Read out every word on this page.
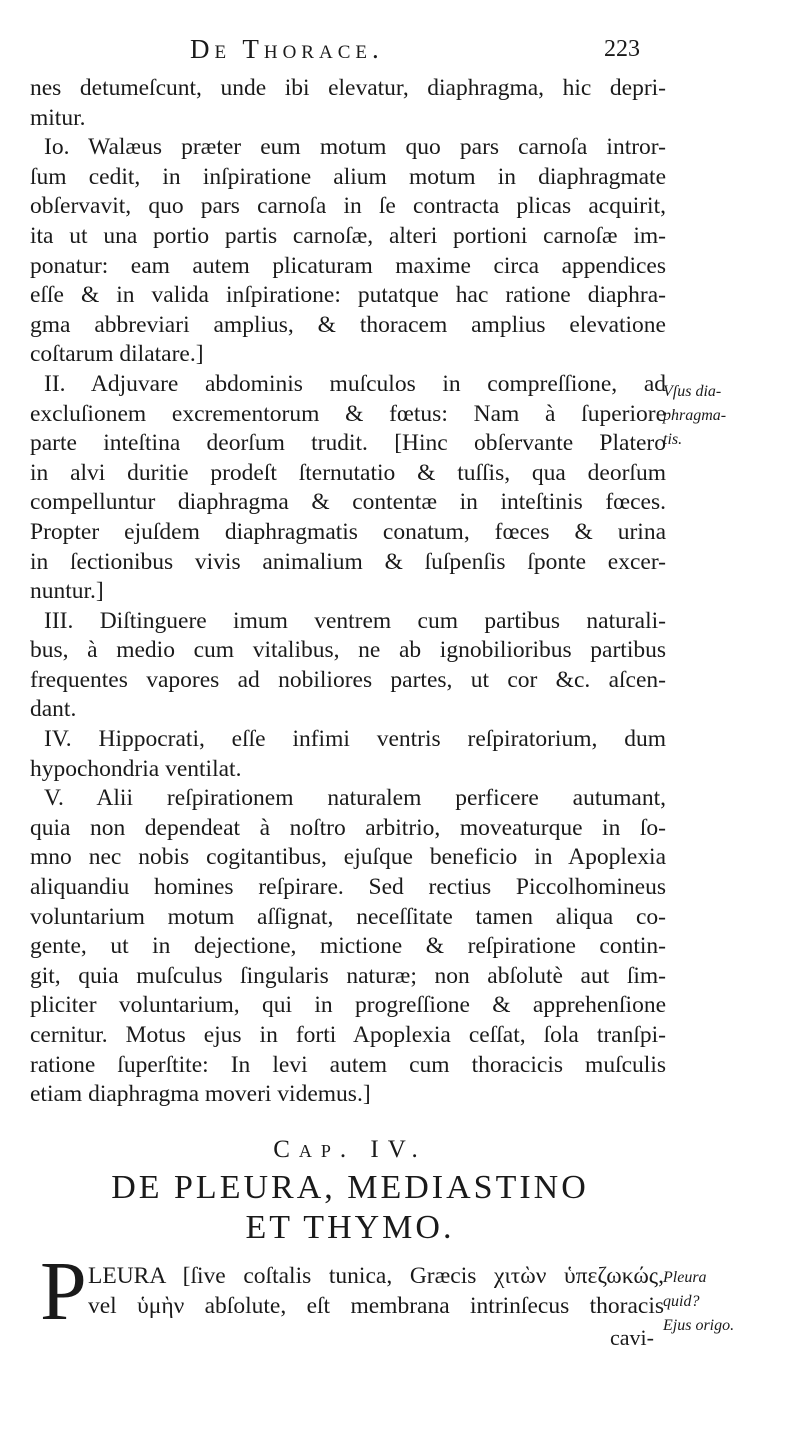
De Thorace.	223
nes detumeſcunt, unde ibi elevatur, diaphragma, hic depri-
mitur.
Io. Walæus præter eum motum quo pars carnoſa intror-
ſum cedit, in inſpiratione alium motum in diaphragmate
obſervavit, quo pars carnoſa in ſe contracta plicas acquirit,
ita ut una portio partis carnoſæ, alteri portioni carnoſæ im-
ponatur: eam autem plicaturam maxime circa appendices
eſſe & in valida inſpiratione: putatque hac ratione diaphra-
gma abbreviari amplius, & thoracem amplius elevatione
coſtarum dilatare.]
II. Adjuvare abdominis muſculos in compreſſione, ad
excluſionem excrementorum & fœtus: Nam à ſuperiore
parte inteſtina deorſum trudit. [Hinc obſervante Platero
in alvi duritie prodeſt ſternutatio & tuſſis, qua deorſum
compelluntur diaphragma & contentæ in inteſtinis fœces.
Propter ejuſdem diaphragmatis conatum, fœces & urina
in ſectionibus vivis animalium & ſuſpenſis ſponte excer-
nuntur.]
III. Diſtinguere imum ventrem cum partibus naturali-
bus, à medio cum vitalibus, ne ab ignobilioribus partibus
frequentes vapores ad nobiliores partes, ut cor &c. aſcen-
dant.
IV. Hippocrati, eſſe infimi ventris reſpiratorium, dum
hypochondria ventilat.
V. Alii reſpirationem naturalem perficere autumant,
quia non dependeat à noſtro arbitrio, moveaturque in ſo-
mno nec nobis cogitantibus, ejuſque beneficio in Apoplexia
aliquandiu homines reſpirare. Sed rectius Piccolhomineus
voluntarium motum aſſignat, neceſſitate tamen aliqua co-
gente, ut in dejectione, mictione & reſpiratione contin-
git, quia muſculus ſingularis naturæ; non abſolutè aut ſim-
pliciter voluntarium, qui in progreſſione & apprehenſione
cernitur. Motus ejus in forti Apoplexia ceſſat, ſola tranſpi-
ratione ſuperſtite: In levi autem cum thoracicis muſculis
etiam diaphragma moveri videmus.]
Vſus dia-
phragma-
tis.
Cap. IV.
DE PLEURA, MEDIASTINO
ET THYMO.
P LEURA [ſive coſtalis tunica, Græcis χιτὼν ὑπεζωκώς,
vel ὑμὴν abſolute, eſt membrana intrinſecus thoracis
Pleura
quid?
Ejus origo.
cavi-
